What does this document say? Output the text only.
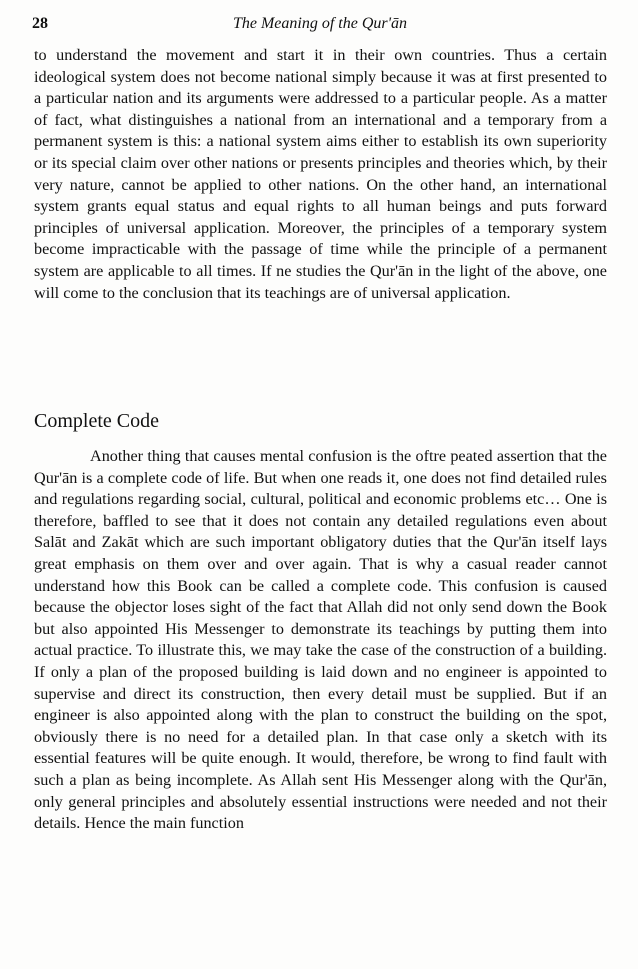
28	The Meaning of the Qur'ān

to understand the movement and start it in their own countries. Thus a certain ideological system does not become national simply because it was at first presented to a particular nation and its arguments were addressed to a particular people. As a matter of fact, what distinguishes a national from an international and a temporary from a permanent system is this: a national system aims either to establish its own superiority or its special claim over other nations or presents principles and theories which, by their very nature, cannot be applied to other nations. On the other hand, an international system grants equal status and equal rights to all human beings and puts forward principles of universal application. Moreover, the principles of a temporary system become impracticable with the passage of time while the principle of a permanent system are applicable to all times. If ne studies the Qur'ān in the light of the above, one will come to the conclusion that its teachings are of universal application.

Complete Code

Another thing that causes mental confusion is the oftre peated assertion that the Qur'ān is a complete code of life. But when one reads it, one does not find detailed rules and regulations regarding social, cultural, political and economic problems etc… One is therefore, baffled to see that it does not contain any detailed regulations even about Salāt and Zakāt which are such important obligatory duties that the Qur'ān itself lays great emphasis on them over and over again. That is why a casual reader cannot understand how this Book can be called a complete code. This confusion is caused because the objector loses sight of the fact that Allah did not only send down the Book but also appointed His Messenger to demonstrate its teachings by putting them into actual practice. To illustrate this, we may take the case of the construction of a building. If only a plan of the proposed building is laid down and no engineer is appointed to supervise and direct its construction, then every detail must be supplied. But if an engineer is also appointed along with the plan to construct the building on the spot, obviously there is no need for a detailed plan. In that case only a sketch with its essential features will be quite enough. It would, therefore, be wrong to find fault with such a plan as being incomplete. As Allah sent His Messenger along with the Qur'ān, only general principles and absolutely essential instructions were needed and not their details. Hence the main function
